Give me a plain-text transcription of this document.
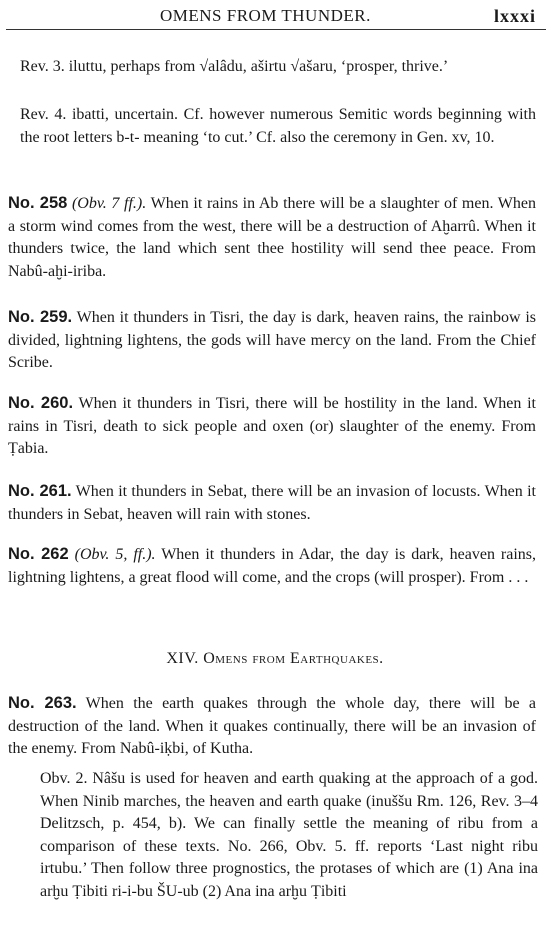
OMENS FROM THUNDER.	lxxxi

Rev. 3. iluttu, perhaps from √alâdu, aširtu √ašaru, ‘prosper, thrive.’

Rev. 4. ibatti, uncertain. Cf. however numerous Semitic words beginning with the root letters b-t- meaning ‘to cut.’ Cf. also the ceremony in Gen. xv, 10.

No. 258 (Obv. 7 ff.). When it rains in Ab there will be a slaughter of men. When a storm wind comes from the west, there will be a destruction of Aḫarrû. When it thunders twice, the land which sent thee hostility will send thee peace. From Nabû-aḫi-iriba.

No. 259. When it thunders in Tisri, the day is dark, heaven rains, the rainbow is divided, lightning lightens, the gods will have mercy on the land. From the Chief Scribe.

No. 260. When it thunders in Tisri, there will be hostility in the land. When it rains in Tisri, death to sick people and oxen (or) slaughter of the enemy. From Ṭabia.

No. 261. When it thunders in Sebat, there will be an invasion of locusts. When it thunders in Sebat, heaven will rain with stones.

No. 262 (Obv. 5, ff.). When it thunders in Adar, the day is dark, heaven rains, lightning lightens, a great flood will come, and the crops (will prosper). From . . .

XIV. Omens from Earthquakes.

No. 263. When the earth quakes through the whole day, there will be a destruction of the land. When it quakes continually, there will be an invasion of the enemy. From Nabû-iḳbi, of Kutha.

Obv. 2. Nâšu is used for heaven and earth quaking at the approach of a god. When Ninib marches, the heaven and earth quake (inuššu Rm. 126, Rev. 3–4 Delitzsch, p. 454, b). We can finally settle the meaning of ribu from a comparison of these texts. No. 266, Obv. 5. ff. reports ‘Last night ribu irtubu.’ Then follow three prognostics, the protases of which are (1) Ana ina arḫu Ṭibiti ri-i-bu ŠU-ub (2) Ana ina arḫu Ṭibiti
